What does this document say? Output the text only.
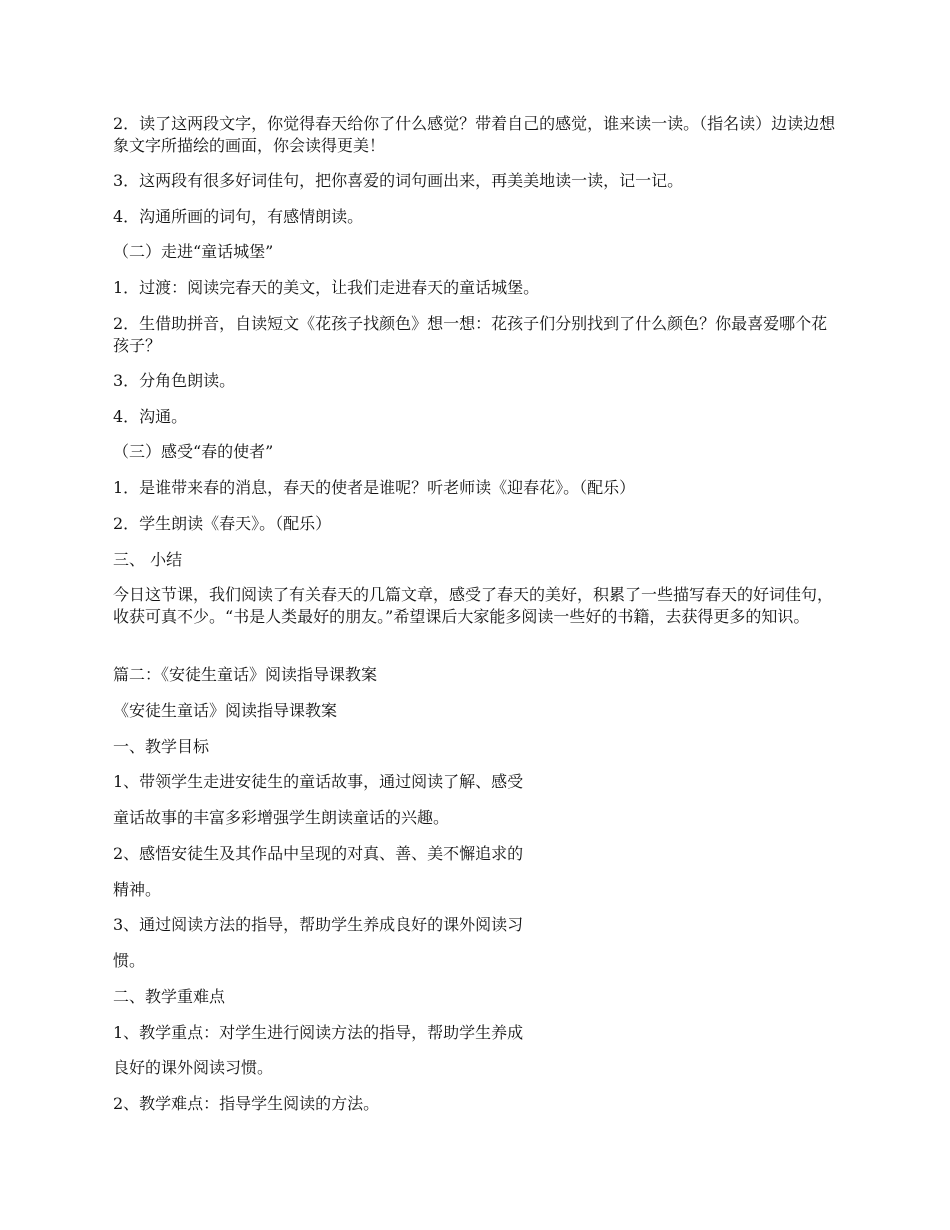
2．读了这两段文字，你觉得春天给你了什么感觉？带着自己的感觉，谁来读一读。（指名读）边读边想象文字所描绘的画面，你会读得更美！
3．这两段有很多好词佳句，把你喜爱的词句画出来，再美美地读一读，记一记。
4．沟通所画的词句，有感情朗读。
（二）走进“童话城堡”
1．过渡：阅读完春天的美文，让我们走进春天的童话城堡。
2．生借助拼音，自读短文《花孩子找颜色》想一想：花孩子们分别找到了什么颜色？你最喜爱哪个花孩子？
3．分角色朗读。
4．沟通。
（三）感受“春的使者”
1．是谁带来春的消息，春天的使者是谁呢？听老师读《迎春花》。（配乐）
2．学生朗读《春天》。（配乐）
三、 小结
今日这节课，我们阅读了有关春天的几篇文章，感受了春天的美好，积累了一些描写春天的好词佳句，收获可真不少。“书是人类最好的朋友。”希望课后大家能多阅读一些好的书籍，去获得更多的知识。
篇二：《安徒生童话》阅读指导课教案
《安徒生童话》阅读指导课教案
一、教学目标
1、带领学生走进安徒生的童话故事，通过阅读了解、感受
童话故事的丰富多彩增强学生朗读童话的兴趣。
2、感悟安徒生及其作品中呈现的对真、善、美不懈追求的
精神。
3、通过阅读方法的指导，帮助学生养成良好的课外阅读习
惯。
二、教学重难点
1、教学重点：对学生进行阅读方法的指导，帮助学生养成
良好的课外阅读习惯。
2、教学难点：指导学生阅读的方法。
